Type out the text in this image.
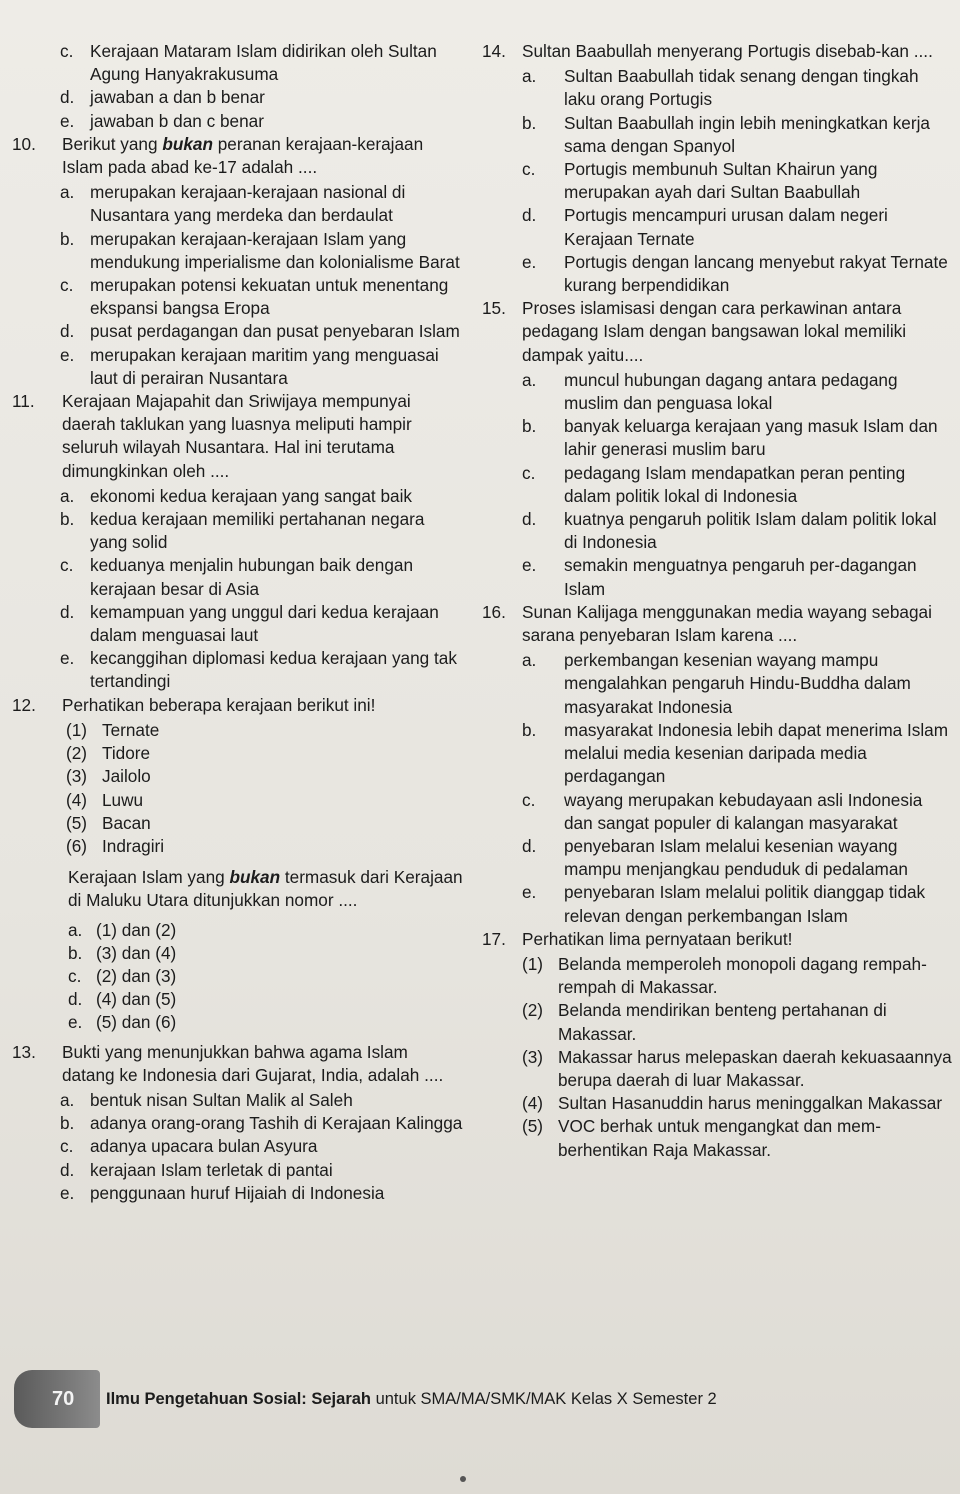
c. Kerajaan Mataram Islam didirikan oleh Sultan Agung Hanyakrakusuma
d. jawaban a dan b benar
e. jawaban b dan c benar
10. Berikut yang bukan peranan kerajaan-kerajaan Islam pada abad ke-17 adalah ....
a. merupakan kerajaan-kerajaan nasional di Nusantara yang merdeka dan berdaulat
b. merupakan kerajaan-kerajaan Islam yang mendukung imperialisme dan kolonialisme Barat
c. merupakan potensi kekuatan untuk menentang ekspansi bangsa Eropa
d. pusat perdagangan dan pusat penyebaran Islam
e. merupakan kerajaan maritim yang menguasai laut di perairan Nusantara
11. Kerajaan Majapahit dan Sriwijaya mempunyai daerah taklukan yang luasnya meliputi hampir seluruh wilayah Nusantara. Hal ini terutama dimungkinkan oleh ....
a. ekonomi kedua kerajaan yang sangat baik
b. kedua kerajaan memiliki pertahanan negara yang solid
c. keduanya menjalin hubungan baik dengan kerajaan besar di Asia
d. kemampuan yang unggul dari kedua kerajaan dalam menguasai laut
e. kecanggihan diplomasi kedua kerajaan yang tak tertandingi
12. Perhatikan beberapa kerajaan berikut ini!
(1) Ternate
(2) Tidore
(3) Jailolo
(4) Luwu
(5) Bacan
(6) Indragiri
Kerajaan Islam yang bukan termasuk dari Kerajaan di Maluku Utara ditunjukkan nomor ....
a. (1) dan (2)
b. (3) dan (4)
c. (2) dan (3)
d. (4) dan (5)
e. (5) dan (6)
13. Bukti yang menunjukkan bahwa agama Islam datang ke Indonesia dari Gujarat, India, adalah ....
a. bentuk nisan Sultan Malik al Saleh
b. adanya orang-orang Tashih di Kerajaan Kalingga
c. adanya upacara bulan Asyura
d. kerajaan Islam terletak di pantai
e. penggunaan huruf Hijaiah di Indonesia
14. Sultan Baabullah menyerang Portugis disebab-kan ....
a. Sultan Baabullah tidak senang dengan tingkah laku orang Portugis
b. Sultan Baabullah ingin lebih meningkatkan kerja sama dengan Spanyol
c. Portugis membunuh Sultan Khairun yang merupakan ayah dari Sultan Baabullah
d. Portugis mencampuri urusan dalam negeri Kerajaan Ternate
e. Portugis dengan lancang menyebut rakyat Ternate kurang berpendidikan
15. Proses islamisasi dengan cara perkawinan antara pedagang Islam dengan bangsawan lokal memiliki dampak yaitu....
a. muncul hubungan dagang antara pedagang muslim dan penguasa lokal
b. banyak keluarga kerajaan yang masuk Islam dan lahir generasi muslim baru
c. pedagang Islam mendapatkan peran penting dalam politik lokal di Indonesia
d. kuatnya pengaruh politik Islam dalam politik lokal di Indonesia
e. semakin menguatnya pengaruh per-dagangan Islam
16. Sunan Kalijaga menggunakan media wayang sebagai sarana penyebaran Islam karena ....
a. perkembangan kesenian wayang mampu mengalahkan pengaruh Hindu-Buddha dalam masyarakat Indonesia
b. masyarakat Indonesia lebih dapat menerima Islam melalui media kesenian daripada media perdagangan
c. wayang merupakan kebudayaan asli Indonesia dan sangat populer di kalangan masyarakat
d. penyebaran Islam melalui kesenian wayang mampu menjangkau penduduk di pedalaman
e. penyebaran Islam melalui politik dianggap tidak relevan dengan perkembangan Islam
17. Perhatikan lima pernyataan berikut!
(1) Belanda memperoleh monopoli dagang rempah-rempah di Makassar.
(2) Belanda mendirikan benteng pertahanan di Makassar.
(3) Makassar harus melepaskan daerah kekuasaannya berupa daerah di luar Makassar.
(4) Sultan Hasanuddin harus meninggalkan Makassar
(5) VOC berhak untuk mengangkat dan mem-berhentikan Raja Makassar.
70 Ilmu Pengetahuan Sosial: Sejarah untuk SMA/MA/SMK/MAK Kelas X Semester 2
